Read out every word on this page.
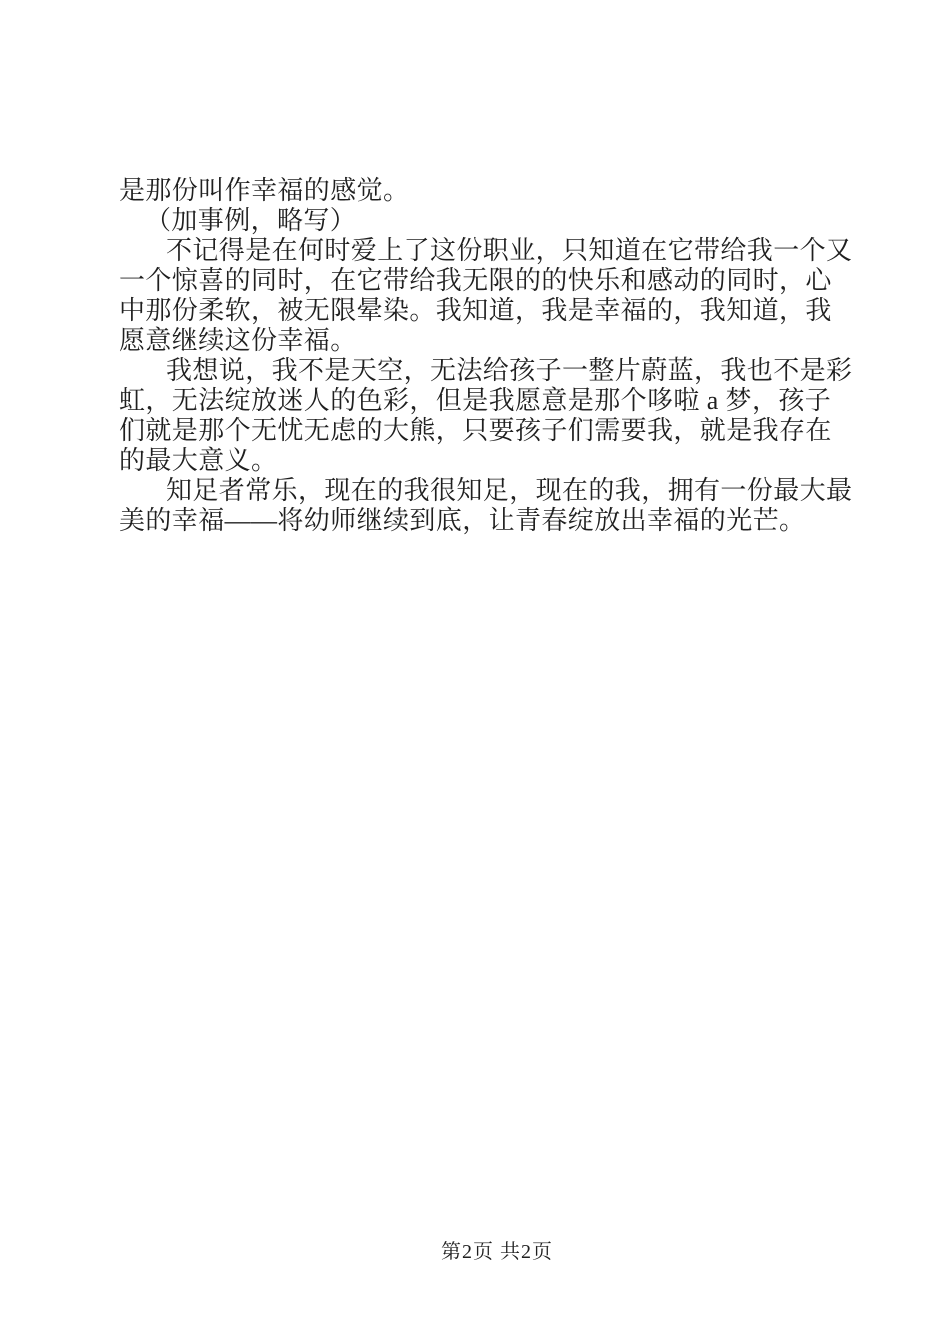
是那份叫作幸福的感觉。
（加事例，略写）
不记得是在何时爱上了这份职业，只知道在它带给我一个又
一个惊喜的同时，在它带给我无限的的快乐和感动的同时，心
中那份柔软，被无限晕染。我知道，我是幸福的，我知道，我
愿意继续这份幸福。
我想说，我不是天空，无法给孩子一整片蔚蓝，我也不是彩
虹，无法绽放迷人的色彩，但是我愿意是那个哆啦 a 梦，孩子
们就是那个无忧无虑的大熊，只要孩子们需要我，就是我存在
的最大意义。
知足者常乐，现在的我很知足，现在的我，拥有一份最大最
美的幸福——将幼师继续到底，让青春绽放出幸福的光芒。
第2页 共2页
